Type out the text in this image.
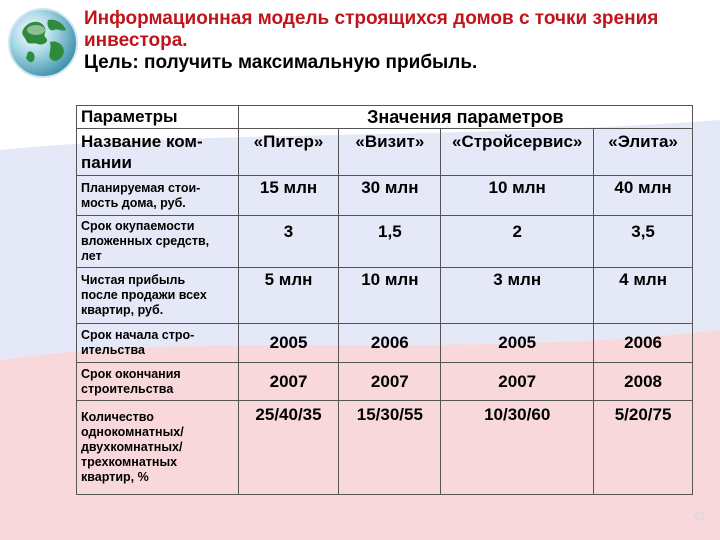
Информационная модель строящихся домов с точки зрения
инвестора.
Цель: получить максимальную прибыль.
Параметры	Значения параметров			
Название ком-
пании	«Питер»	«Визит»	«Стройсервис»	«Элита»
Планируемая стои-
мость дома, руб.	15 млн	30 млн	10 млн	40 млн
Срок окупаемости
вложенных средств,
лет	3	1,5	2	3,5
Чистая прибыль
после продажи всех
квартир, руб.	5 млн	10 млн	3 млн	4 млн
Срок начала стро-
ительства	2005	2006	2005	2006
Срок окончания
строительства	2007	2007	2007	2008
Количество
однокомнатных/
двухкомнатных/
трехкомнатных
квартир, %	25/40/35	15/30/55	10/30/60	5/20/75
42
